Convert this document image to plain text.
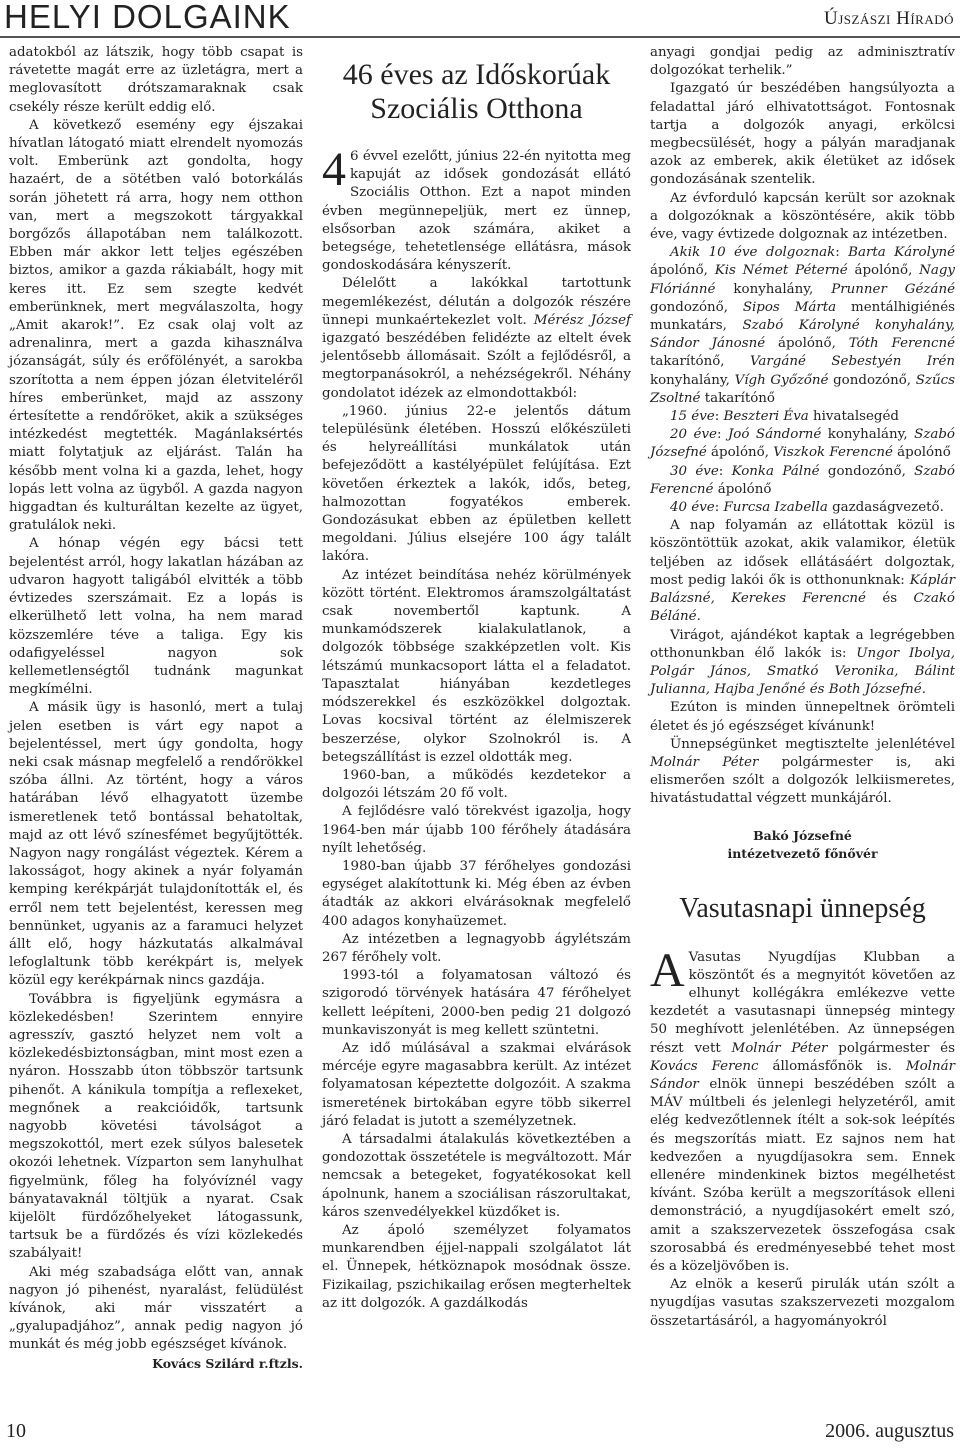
HELYI DOLGAINK	Újszászi Híradó

adatokból az látszik, hogy több csapat is rávetette magát erre az üzletágra, mert a meglovasított drótszamaraknak csak csekély része került eddig elő.

A következő esemény egy éjszakai hívatlan látogató miatt elrendelt nyomozás volt. Emberünk azt gondolta, hogy hazaért, de a sötétben való botorkálás során jöhetett rá arra, hogy nem otthon van, mert a megszokott tárgyakkal borgőzős állapotában nem találkozott. Ebben már akkor lett teljes egészében biztos, amikor a gazda rákiabált, hogy mit keres itt. Ez sem szegte kedvét emberünknek, mert megválaszolta, hogy „Amit akarok!”. Ez csak olaj volt az adrenalinra, mert a gazda kihasználva józanságát, súly és erőfölényét, a sarokba szorította a nem éppen józan életviteléről híres emberünket, majd az asszony értesítette a rendőröket, akik a szükséges intézkedést megtették. Magánlaksértés miatt folytatjuk az eljárást. Talán ha később ment volna ki a gazda, lehet, hogy lopás lett volna az ügyből. A gazda nagyon higgadtan és kulturáltan kezelte az ügyet, gratulálok neki.

A hónap végén egy bácsi tett bejelentést arról, hogy lakatlan házában az udvaron hagyott taligából elvitték a több évtizedes szerszámait. Ez a lopás is elkerülhető lett volna, ha nem marad közszemlére téve a taliga. Egy kis odafigyeléssel nagyon sok kellemetlenségtől tudnánk magunkat megkímélni.

A másik ügy is hasonló, mert a tulaj jelen esetben is várt egy napot a bejelentéssel, mert úgy gondolta, hogy neki csak másnap megfelelő a rendőrökkel szóba állni. Az történt, hogy a város határában lévő elhagyatott üzembe ismeretlenek tető bontással behatoltak, majd az ott lévő színesfémet begyűjtötték. Nagyon nagy rongálást végeztek. Kérem a lakosságot, hogy akinek a nyár folyamán kemping kerékpárját tulajdonították el, és erről nem tett bejelentést, keressen meg bennünket, ugyanis az a faramuci helyzet állt elő, hogy házkutatás alkalmával lefoglaltunk több kerékpárt is, melyek közül egy kerékpárnak nincs gazdája.

Továbbra is figyeljünk egymásra a közlekedésben! Szerintem ennyire agresszív, gasztó helyzet nem volt a közlekedésbiztonságban, mint most ezen a nyáron. Hosszabb úton többször tartsunk pihenőt. A kánikula tompítja a reflexeket, megnőnek a reakcióidők, tartsunk nagyobb követési távolságot a megszokottól, mert ezek súlyos balesetek okozói lehetnek. Vízparton sem lanyhulhat figyelmünk, főleg ha folyóvíznél vagy bányatavaknál töltjük a nyarat. Csak kijelölt fürdőzőhelyeket látogassunk, tartsuk be a fürdőzés és vízi közlekedés szabályait!

Aki még szabadsága előtt van, annak nagyon jó pihenést, nyaralást, felüdülést kívánok, aki már visszatért a „gyalupadjához”, annak pedig nagyon jó munkát és még jobb egészséget kívánok.

Kovács Szilárd r.ftzls.

46 éves az Időskorúak
Szociális Otthona

4 6 évvel ezelőtt, június 22-én nyitotta meg kapuját az idősek gondozását ellátó Szociális Otthon. Ezt a napot minden évben megünnepeljük, mert ez ünnep, elsősorban azok számára, akiket a betegsége, tehetetlensége ellátásra, mások gondoskodására kényszerít.

Délelőtt a lakókkal tartottunk megemlékezést, délután a dolgozók részére ünnepi munkaértekezlet volt. Mérész József igazgató beszédében felidézte az eltelt évek jelentősebb állomásait. Szólt a fejlődésről, a megtorpanásokról, a nehézségekről. Néhány gondolatot idézek az elmondottakból:

„1960. június 22-e jelentős dátum településünk életében. Hosszú előkészületi és helyreállítási munkálatok után befejeződött a kastélyépület felújítása. Ezt követően érkeztek a lakók, idős, beteg, halmozottan fogyatékos emberek. Gondozásukat ebben az épületben kellett megoldani. Július elsejére 100 ágy talált lakóra.

Az intézet beindítása nehéz körülmények között történt. Elektromos áramszolgáltatást csak novembertől kaptunk. A munkamódszerek kialakulatlanok, a dolgozók többsége szakképzetlen volt. Kis létszámú munkacsoport látta el a feladatot. Tapasztalat hiányában kezdetleges módszerekkel és eszközökkel dolgoztak. Lovas kocsival történt az élelmiszerek beszerzése, olykor Szolnokról is. A betegszállítást is ezzel oldották meg.

1960-ban, a működés kezdetekor a dolgozói létszám 20 fő volt.

A fejlődésre való törekvést igazolja, hogy 1964-ben már újabb 100 férőhely átadására nyílt lehetőség.

1980-ban újabb 37 férőhelyes gondozási egységet alakítottunk ki. Még ében az évben átadták az akkori elvárásoknak megfelelő 400 adagos konyhaüzemet.

Az intézetben a legnagyobb ágylétszám 267 férőhely volt.

1993-tól a folyamatosan változó és szigorodó törvények hatására 47 férőhelyet kellett leépíteni, 2000-ben pedig 21 dolgozó munkaviszonyát is meg kellett szüntetni.

Az idő múlásával a szakmai elvárások mércéje egyre magasabbra került. Az intézet folyamatosan képeztette dolgozóit. A szakma ismeretének birtokában egyre több sikerrel járó feladat is jutott a személyzetnek.

A társadalmi átalakulás következtében a gondozottak összetétele is megváltozott. Már nemcsak a betegeket, fogyatékosokat kell ápolnunk, hanem a szociálisan rászorultakat, káros szenvedélyekkel küzdőket is.

Az ápoló személyzet folyamatos munkarendben éjjel-nappali szolgálatot lát el. Ünnepek, hétköznapok mosódnak össze. Fizikailag, pszichikailag erősen megterheltek az itt dolgozók. A gazdálkodás

anyagi gondjai pedig az adminisztratív dolgozókat terhelik.”

Igazgató úr beszédében hangsúlyozta a feladattal járó elhivatottságot. Fontosnak tartja a dolgozók anyagi, erkölcsi megbecsülését, hogy a pályán maradjanak azok az emberek, akik életüket az idősek gondozásának szentelik.

Az évforduló kapcsán került sor azoknak a dolgozóknak a köszöntésére, akik több éve, vagy évtizede dolgoznak az intézetben.

Akik 10 éve dolgoznak: Barta Károlyné ápolónő, Kis Német Péterné ápolónő, Nagy Flóriánné konyhalány, Prunner Gézáné gondozónő, Sipos Márta mentálhigiénés munkatárs, Szabó Károlyné konyhalány, Sándor Jánosné ápolónő, Tóth Ferencné takarítónő, Vargáné Sebestyén Irén konyhalány, Vígh Győzőné gondozónő, Szűcs Zsoltné takarítónő

15 éve: Beszteri Éva hivatalsegéd

20 éve: Joó Sándorné konyhalány, Szabó Józsefné ápolónő, Viszkok Ferencné ápolónő

30 éve: Konka Pálné gondozónő, Szabó Ferencné ápolónő

40 éve: Furcsa Izabella gazdaságvezető.

A nap folyamán az ellátottak közül is köszöntöttük azokat, akik valamikor, életük teljében az idősek ellátásáért dolgoztak, most pedig lakói ők is otthonunknak: Káplár Balázsné, Kerekes Ferencné és Czakó Béláné.

Virágot, ajándékot kaptak a legrégebben otthonunkban élő lakók is: Ungor Ibolya, Polgár János, Smatkó Veronika, Bálint Julianna, Hajba Jenőné és Both Józsefné.

Ezúton is minden ünnepeltnek örömteli életet és jó egészséget kívánunk!

Ünnepségünket megtisztelte jelenlétével Molnár Péter polgármester is, aki elismerően szólt a dolgozók lelkiismeretes, hivatástudattal végzett munkájáról.

Bakó Józsefné
intézetvezető főnővér
Vasutasnapi ünnepség

A Vasutas Nyugdíjas Klubban a köszöntőt és a megnyitót követően az elhunyt kollégákra emlékezve vette kezdetét a vasutasnapi ünnepség mintegy 50 meghívott jelenlétében. Az ünnepségen részt vett Molnár Péter polgármester és Kovács Ferenc állomásfőnök is. Molnár Sándor elnök ünnepi beszédében szólt a MÁV múltbeli és jelenlegi helyzetéről, amit elég kedvezőtlennek ítélt a sok-sok leépítés és megszorítás miatt. Ez sajnos nem hat kedvezően a nyugdíjasokra sem. Ennek ellenére mindenkinek biztos megélhetést kívánt. Szóba került a megszorítások elleni demonstráció, a nyugdíjasokért emelt szó, amit a szakszervezetek összefogása csak szorosabbá és eredményesebbé tehet most és a közeljövőben is.

Az elnök a keserű pirulák után szólt a nyugdíjas vasutas szakszervezeti mozgalom összetartásáról, a hagyományokról

10	2006. augusztus
